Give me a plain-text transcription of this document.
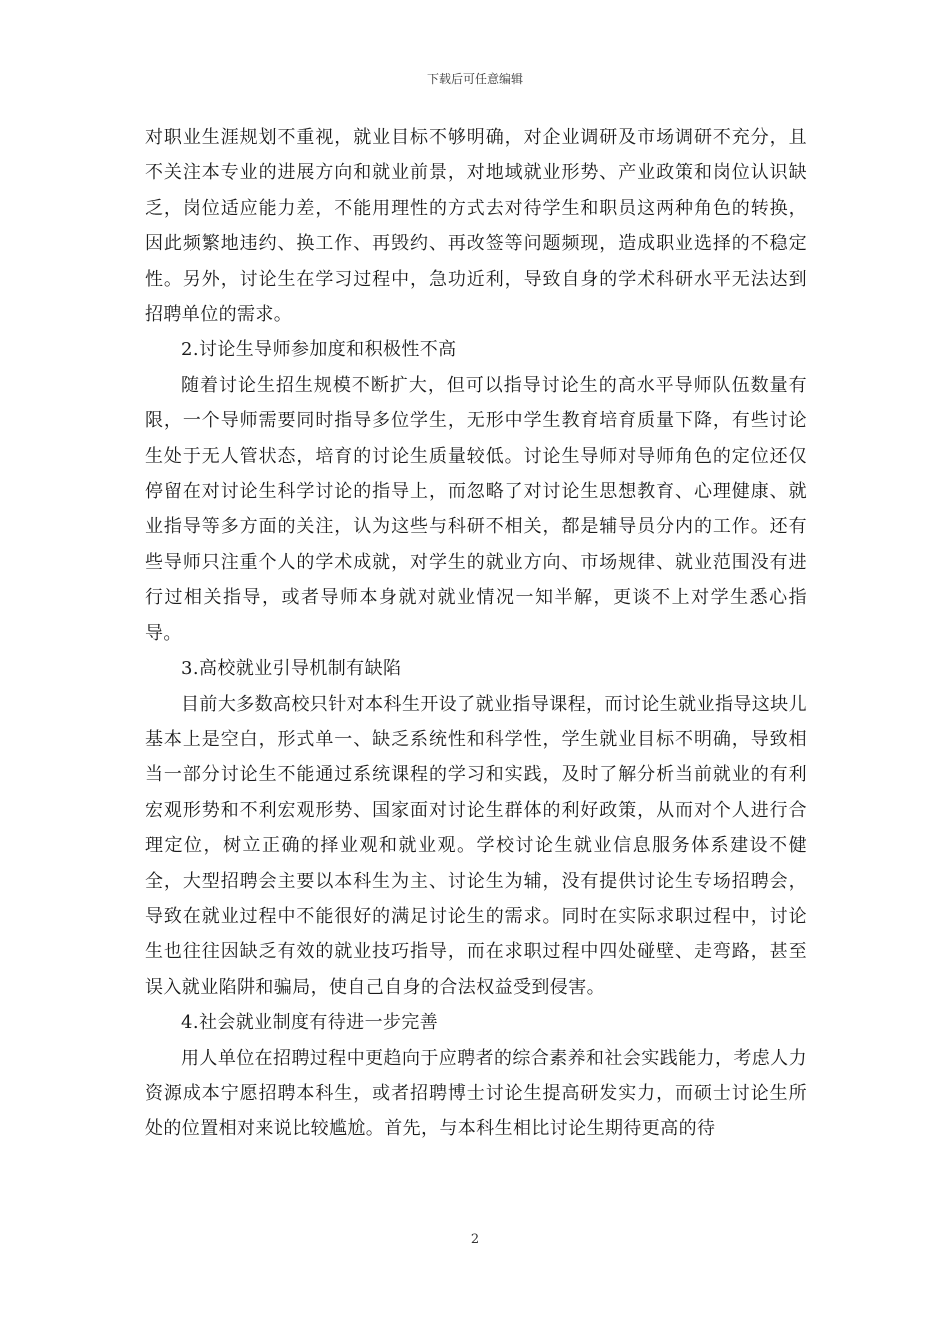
下载后可任意编辑

对职业生涯规划不重视，就业目标不够明确，对企业调研及市场调研不充分，且不关注本专业的进展方向和就业前景，对地域就业形势、产业政策和岗位认识缺乏，岗位适应能力差，不能用理性的方式去对待学生和职员这两种角色的转换，因此频繁地违约、换工作、再毁约、再改签等问题频现，造成职业选择的不稳定性。另外，讨论生在学习过程中，急功近利，导致自身的学术科研水平无法达到招聘单位的需求。

2.讨论生导师参加度和积极性不高

随着讨论生招生规模不断扩大，但可以指导讨论生的高水平导师队伍数量有限，一个导师需要同时指导多位学生，无形中学生教育培育质量下降，有些讨论生处于无人管状态，培育的讨论生质量较低。讨论生导师对导师角色的定位还仅停留在对讨论生科学讨论的指导上，而忽略了对讨论生思想教育、心理健康、就业指导等多方面的关注，认为这些与科研不相关，都是辅导员分内的工作。还有些导师只注重个人的学术成就，对学生的就业方向、市场规律、就业范围没有进行过相关指导，或者导师本身就对就业情况一知半解，更谈不上对学生悉心指导。

3.高校就业引导机制有缺陷

目前大多数高校只针对本科生开设了就业指导课程，而讨论生就业指导这块儿基本上是空白，形式单一、缺乏系统性和科学性，学生就业目标不明确，导致相当一部分讨论生不能通过系统课程的学习和实践，及时了解分析当前就业的有利宏观形势和不利宏观形势、国家面对讨论生群体的利好政策，从而对个人进行合理定位，树立正确的择业观和就业观。学校讨论生就业信息服务体系建设不健全，大型招聘会主要以本科生为主、讨论生为辅，没有提供讨论生专场招聘会，导致在就业过程中不能很好的满足讨论生的需求。同时在实际求职过程中，讨论生也往往因缺乏有效的就业技巧指导，而在求职过程中四处碰壁、走弯路，甚至误入就业陷阱和骗局，使自己自身的合法权益受到侵害。

4.社会就业制度有待进一步完善

用人单位在招聘过程中更趋向于应聘者的综合素养和社会实践能力，考虑人力资源成本宁愿招聘本科生，或者招聘博士讨论生提高研发实力，而硕士讨论生所处的位置相对来说比较尴尬。首先，与本科生相比讨论生期待更高的待

2
